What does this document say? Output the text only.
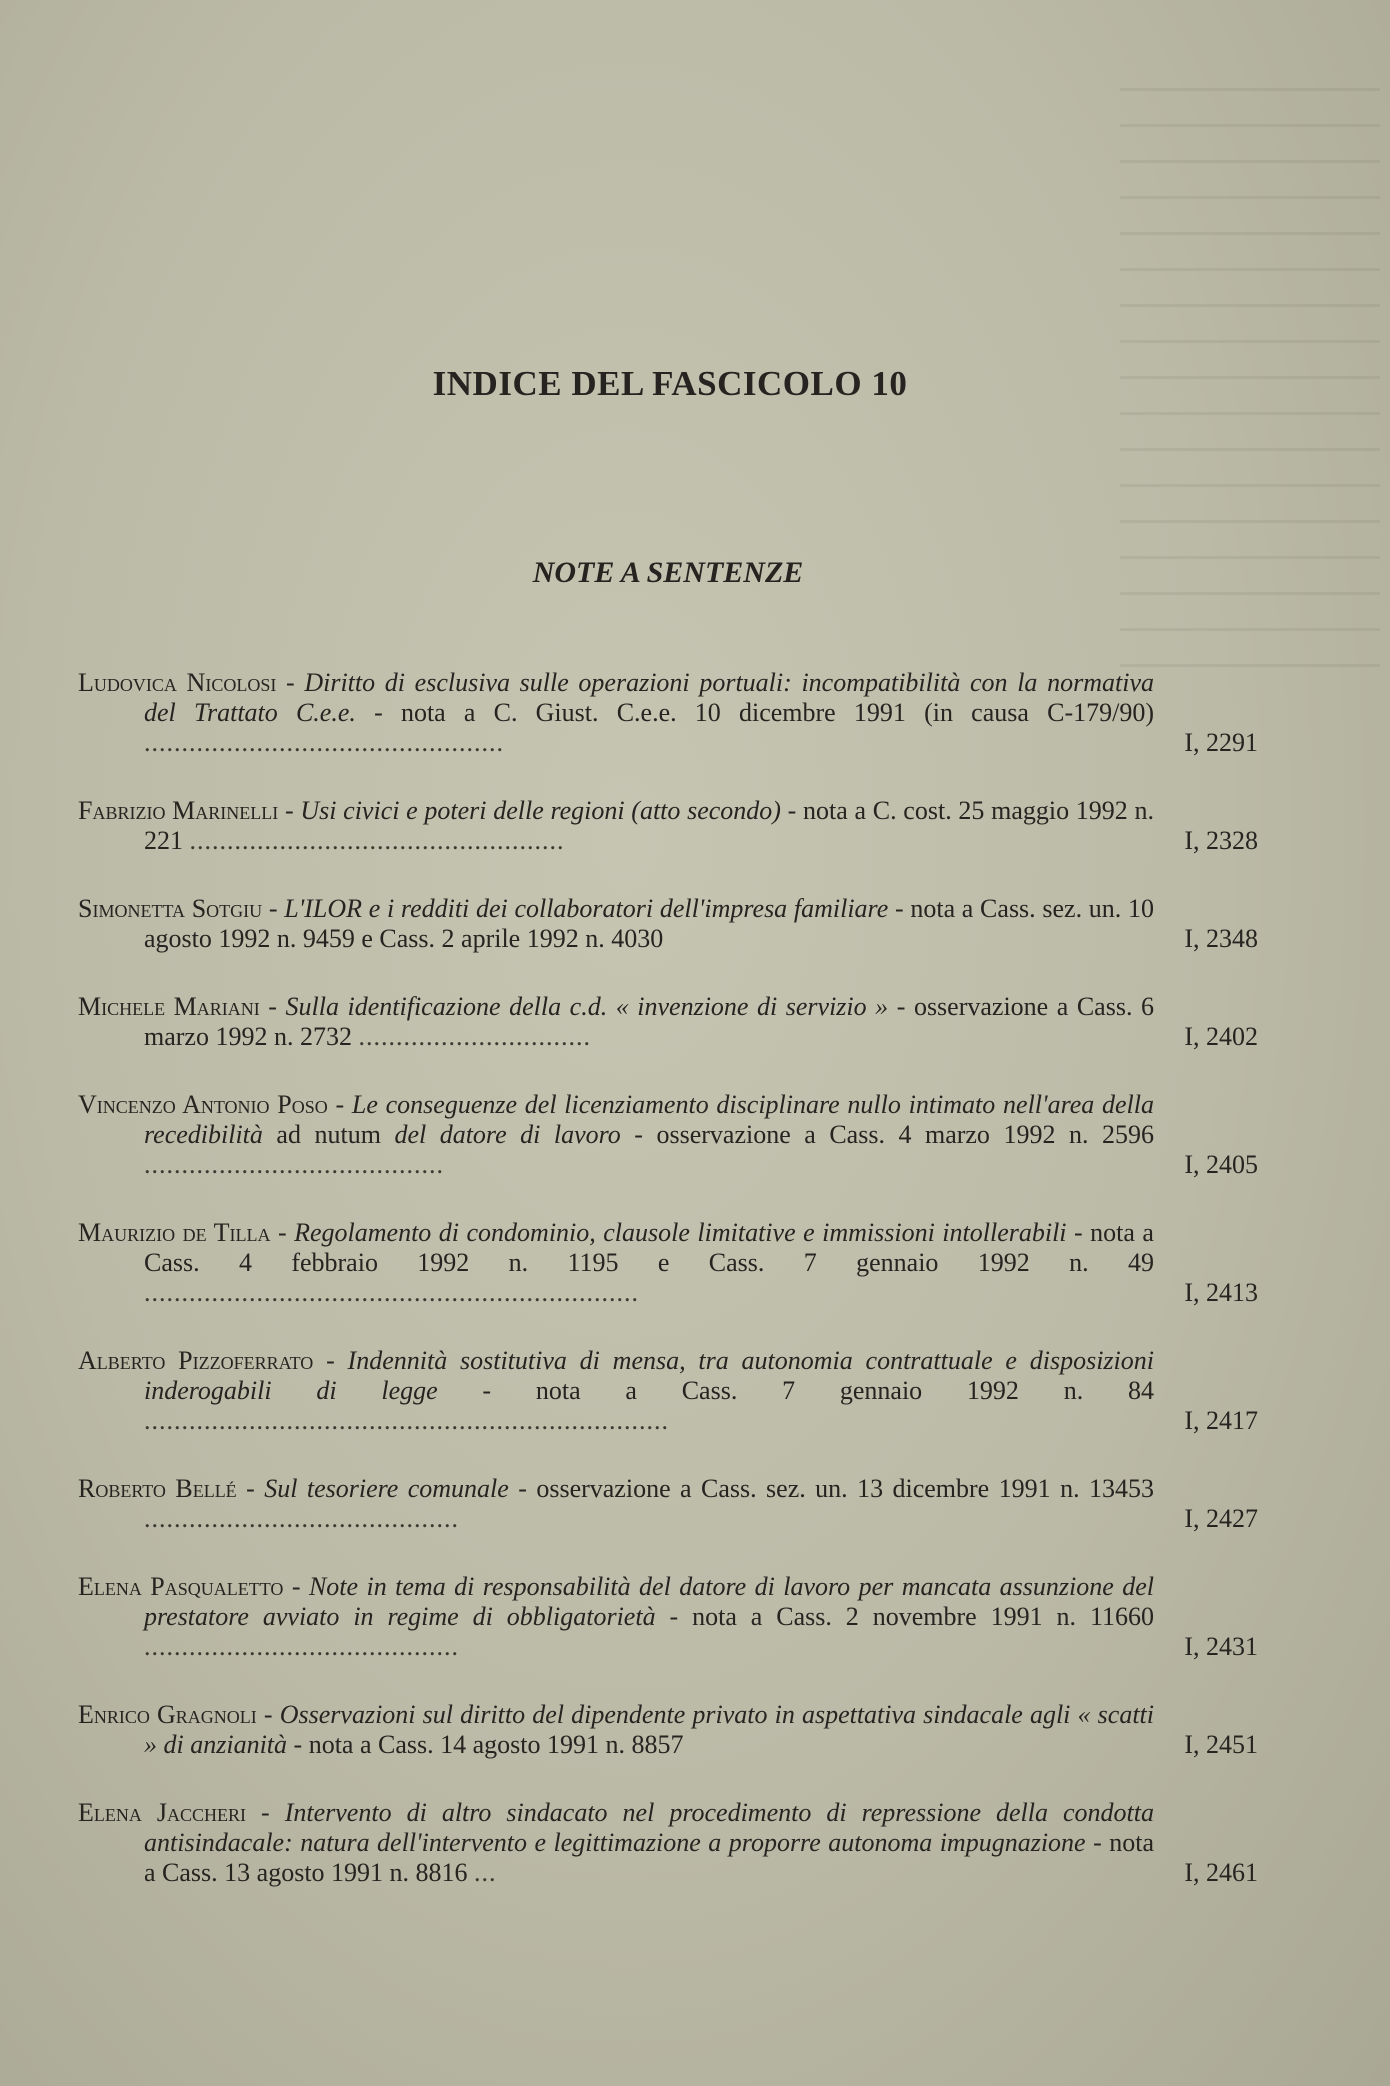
INDICE DEL FASCICOLO 10
NOTE A SENTENZE
Ludovica Nicolosi - Diritto di esclusiva sulle operazioni portuali: incompatibilità con la normativa del Trattato C.e.e. - nota a C. Giust. C.e.e. 10 dicembre 1991 (in causa C-179/90) ................................................	I, 2291
Fabrizio Marinelli - Usi civici e poteri delle regioni (atto secondo) - nota a C. cost. 25 maggio 1992 n. 221 ..................................................	I, 2328
Simonetta Sotgiu - L'ILOR e i redditi dei collaboratori dell'impresa familiare - nota a Cass. sez. un. 10 agosto 1992 n. 9459 e Cass. 2 aprile 1992 n. 4030	I, 2348
Michele Mariani - Sulla identificazione della c.d. « invenzione di servizio » - osservazione a Cass. 6 marzo 1992 n. 2732 ...............................	I, 2402
Vincenzo Antonio Poso - Le conseguenze del licenziamento disciplinare nullo intimato nell'area della recedibilità ad nutum del datore di lavoro - osservazione a Cass. 4 marzo 1992 n. 2596 ........................................	I, 2405
Maurizio de Tilla - Regolamento di condominio, clausole limitative e immissioni intollerabili - nota a Cass. 4 febbraio 1992 n. 1195 e Cass. 7 gennaio 1992 n. 49 ..................................................................	I, 2413
Alberto Pizzoferrato - Indennità sostitutiva di mensa, tra autonomia contrattuale e disposizioni inderogabili di legge - nota a Cass. 7 gennaio 1992 n. 84 ......................................................................	I, 2417
Roberto Bellé - Sul tesoriere comunale - osservazione a Cass. sez. un. 13 dicembre 1991 n. 13453 ..........................................	I, 2427
Elena Pasqualetto - Note in tema di responsabilità del datore di lavoro per mancata assunzione del prestatore avviato in regime di obbligatorietà - nota a Cass. 2 novembre 1991 n. 11660 ..........................................	I, 2431
Enrico Gragnoli - Osservazioni sul diritto del dipendente privato in aspettativa sindacale agli « scatti » di anzianità - nota a Cass. 14 agosto 1991 n. 8857	I, 2451
Elena Jaccheri - Intervento di altro sindacato nel procedimento di repressione della condotta antisindacale: natura dell'intervento e legittimazione a proporre autonoma impugnazione - nota a Cass. 13 agosto 1991 n. 8816 ...	I, 2461
